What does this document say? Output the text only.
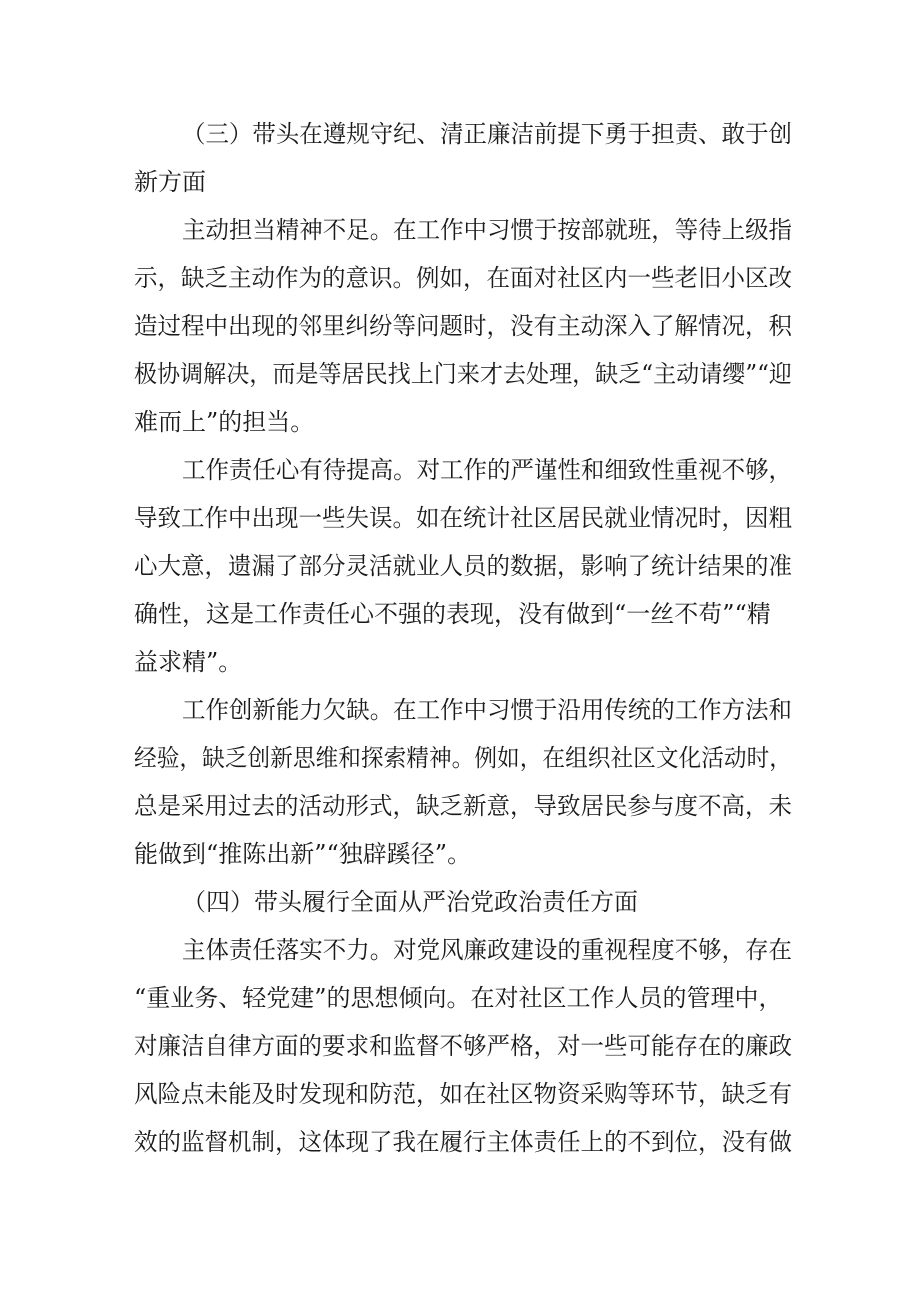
（三）带头在遵规守纪、清正廉洁前提下勇于担责、敢于创
新方面
主动担当精神不足。在工作中习惯于按部就班，等待上级指
示，缺乏主动作为的意识。例如，在面对社区内一些老旧小区改
造过程中出现的邻里纠纷等问题时，没有主动深入了解情况，积
极协调解决，而是等居民找上门来才去处理，缺乏“主动请缨”“迎
难而上”的担当。
工作责任心有待提高。对工作的严谨性和细致性重视不够，
导致工作中出现一些失误。如在统计社区居民就业情况时，因粗
心大意，遗漏了部分灵活就业人员的数据，影响了统计结果的准
确性，这是工作责任心不强的表现，没有做到“一丝不苟”“精
益求精”。
工作创新能力欠缺。在工作中习惯于沿用传统的工作方法和
经验，缺乏创新思维和探索精神。例如，在组织社区文化活动时，
总是采用过去的活动形式，缺乏新意，导致居民参与度不高，未
能做到“推陈出新”“独辟蹊径”。
（四）带头履行全面从严治党政治责任方面
主体责任落实不力。对党风廉政建设的重视程度不够，存在
“重业务、轻党建”的思想倾向。在对社区工作人员的管理中，
对廉洁自律方面的要求和监督不够严格，对一些可能存在的廉政
风险点未能及时发现和防范，如在社区物资采购等环节，缺乏有
效的监督机制，这体现了我在履行主体责任上的不到位，没有做
